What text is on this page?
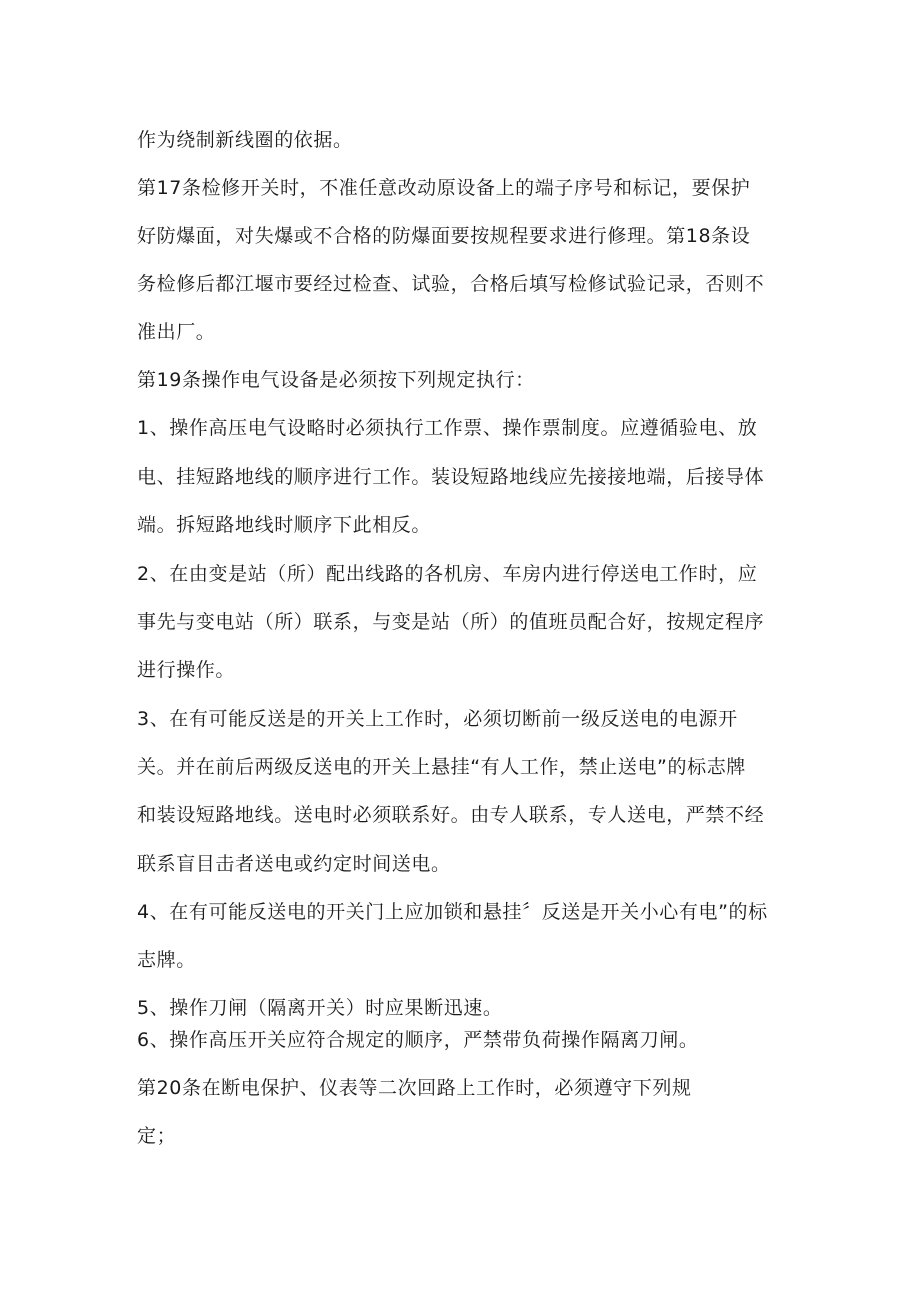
作为绕制新线圈的依据。
第17条检修开关时，不准任意改动原设备上的端子序号和标记，要保护
好防爆面，对失爆或不合格的防爆面要按规程要求进行修理。第18条设
务检修后都江堰市要经过检查、试验，合格后填写检修试验记录，否则不
准出厂。
第19条操作电气设备是必须按下列规定执行：
1、操作高压电气设略时必须执行工作票、操作票制度。应遵循验电、放
电、挂短路地线的顺序进行工作。装设短路地线应先接接地端，后接导体
端。拆短路地线时顺序下此相反。
2、在由变是站（所）配出线路的各机房、车房内进行停送电工作时，应
事先与变电站（所）联系，与变是站（所）的值班员配合好，按规定程序
进行操作。
3、在有可能反送是的开关上工作时，必须切断前一级反送电的电源开
关。并在前后两级反送电的开关上悬挂“有人工作，禁止送电”的标志牌
和装设短路地线。送电时必须联系好。由专人联系，专人送电，严禁不经
联系盲目击者送电或约定时间送电。
4、在有可能反送电的开关门上应加锁和悬挂〞反送是开关小心有电”的标
志牌。
5、操作刀闸（隔离开关）时应果断迅速。
6、操作高压开关应符合规定的顺序，严禁带负荷操作隔离刀闸。
第20条在断电保护、仪表等二次回路上工作时，必须遵守下列规
定；
